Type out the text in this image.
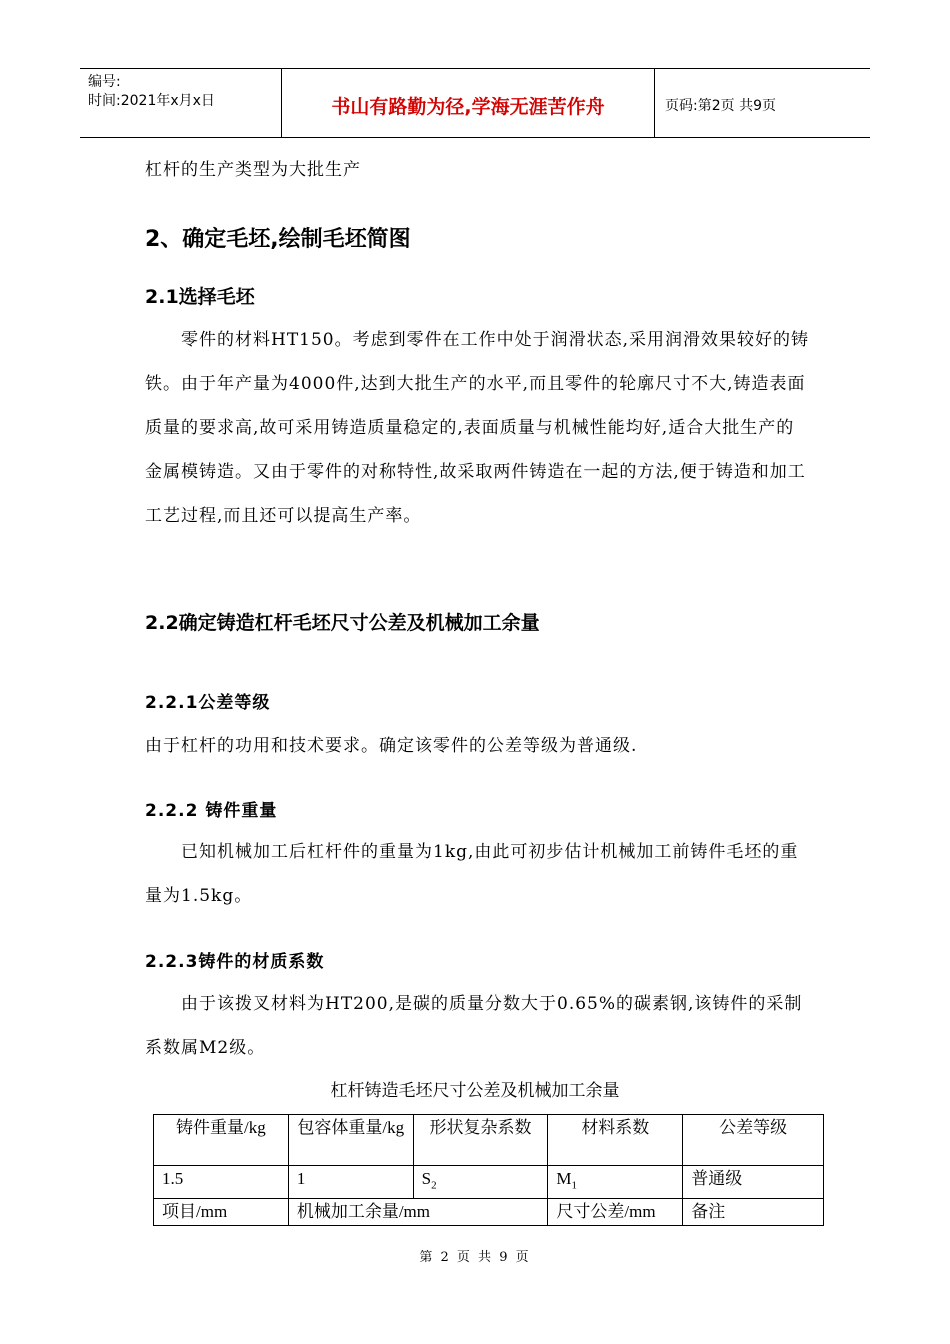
编号:
时间:2021年x月x日	书山有路勤为径,学海无涯苦作舟	页码:第2页 共9页
杠杆的生产类型为大批生产
2、确定毛坯,绘制毛坯简图
2.1选择毛坯
零件的材料HT150。考虑到零件在工作中处于润滑状态,采用润滑效果较好的铸铁。由于年产量为4000件,达到大批生产的水平,而且零件的轮廓尺寸不大,铸造表面质量的要求高,故可采用铸造质量稳定的,表面质量与机械性能均好,适合大批生产的金属模铸造。又由于零件的对称特性,故采取两件铸造在一起的方法,便于铸造和加工工艺过程,而且还可以提高生产率。
2.2确定铸造杠杆毛坯尺寸公差及机械加工余量
2.2.1公差等级
由于杠杆的功用和技术要求。确定该零件的公差等级为普通级.
2.2.2 铸件重量
已知机械加工后杠杆件的重量为1kg,由此可初步估计机械加工前铸件毛坯的重量为1.5kg。
2.2.3铸件的材质系数
由于该拨叉材料为HT200,是碳的质量分数大于0.65%的碳素钢,该铸件的采制系数属M2级。
杠杆铸造毛坯尺寸公差及机械加工余量
铸件重量/kg	包容体重量/kg	形状复杂系数	材料系数	公差等级
1.5	1	$S_2$	$M_1$	普通级
项目/mm	机械加工余量/mm		尺寸公差/mm	备注
第 2 页 共 9 页
